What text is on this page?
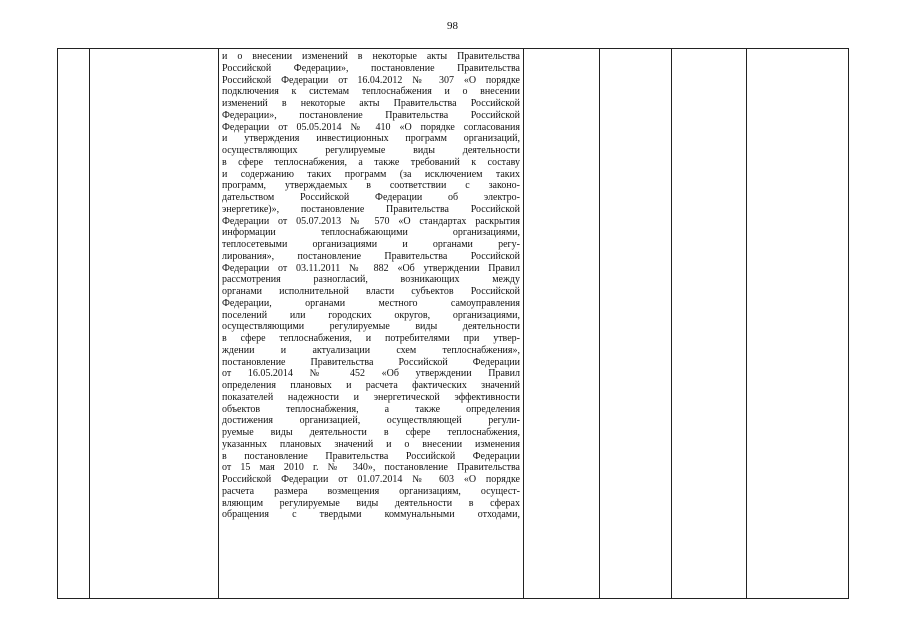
98

и о внесении изменений в некоторые акты Правительства
Российской Федерации», постановление Правительства
Российской Федерации от 16.04.2012 № 307 «О порядке
подключения к системам теплоснабжения и о внесении
изменений в некоторые акты Правительства Российской
Федерации», постановление Правительства Российской
Федерации от 05.05.2014 № 410 «О порядке согласования
и утверждения инвестиционных программ организаций,
осуществляющих регулируемые виды деятельности
в сфере теплоснабжения, а также требований к составу
и содержанию таких программ (за исключением таких
программ, утверждаемых в соответствии с законо-
дательством Российской Федерации об электро-
энергетике)», постановление Правительства Российской
Федерации от 05.07.2013 № 570 «О стандартах раскрытия
информации теплоснабжающими организациями,
теплосетевыми организациями и органами регу-
лирования», постановление Правительства Российской
Федерации от 03.11.2011 № 882 «Об утверждении Правил
рассмотрения разногласий, возникающих между
органами исполнительной власти субъектов Российской
Федерации, органами местного самоуправления
поселений или городских округов, организациями,
осуществляющими регулируемые виды деятельности
в сфере теплоснабжения, и потребителями при утвер-
ждении и актуализации схем теплоснабжения»,
постановление Правительства Российской Федерации
от 16.05.2014 № 452 «Об утверждении Правил
определения плановых и расчета фактических значений
показателей надежности и энергетической эффективности
объектов теплоснабжения, а также определения
достижения организацией, осуществляющей регули-
руемые виды деятельности в сфере теплоснабжения,
указанных плановых значений и о внесении изменения
в постановление Правительства Российской Федерации
от 15 мая 2010 г. № 340», постановление Правительства
Российской Федерации от 01.07.2014 № 603 «О порядке
расчета размера возмещения организациям, осущест-
вляющим регулируемые виды деятельности в сферах
обращения с твердыми коммунальными отходами,
